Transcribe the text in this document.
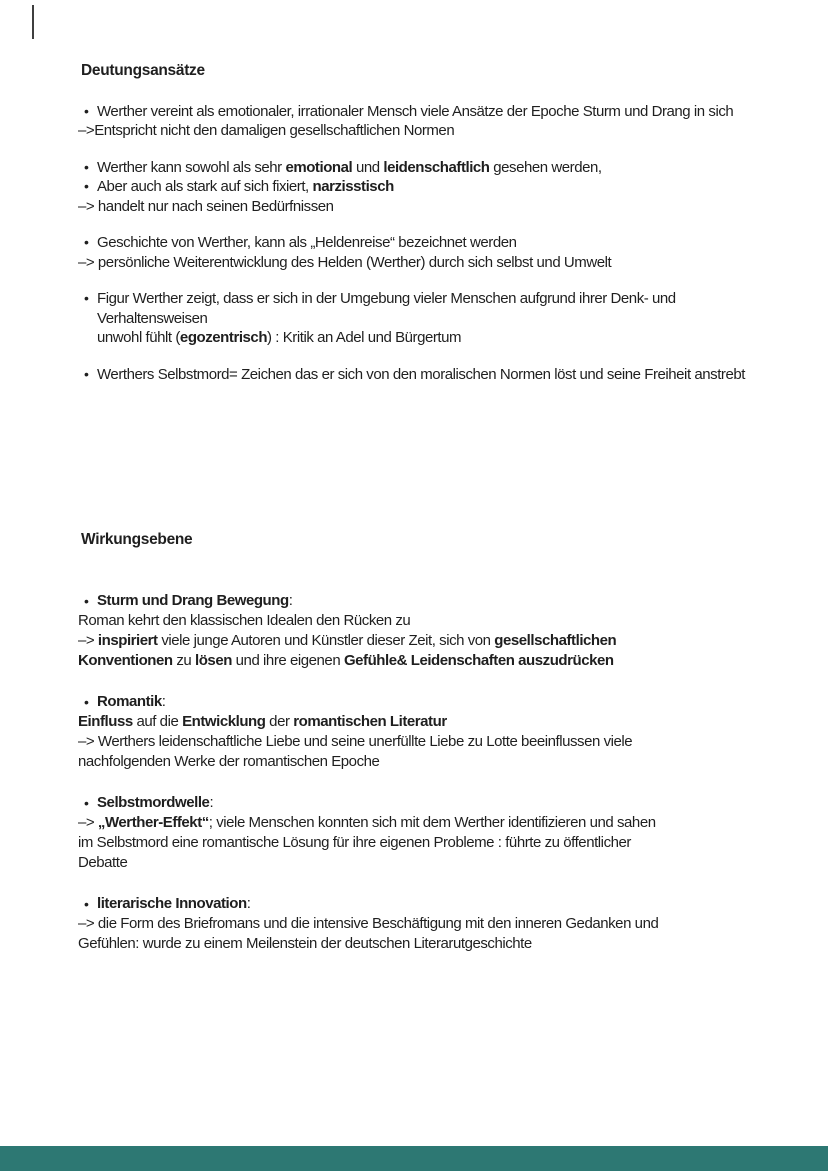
Deutungsansätze
• Werther vereint als emotionaler, irrationaler Mensch viele Ansätze der Epoche Sturm und Drang in sich
–>Entspricht nicht den damaligen gesellschaftlichen Normen
• Werther kann sowohl als sehr emotional und leidenschaftlich gesehen werden,
• Aber auch als stark auf sich fixiert, narzisstisch
–> handelt nur nach seinen Bedürfnissen
• Geschichte von Werther, kann als „Heldenreise“ bezeichnet werden
–> persönliche Weiterentwicklung des Helden (Werther) durch sich selbst und Umwelt
• Figur Werther zeigt, dass er sich in der Umgebung vieler Menschen aufgrund ihrer Denk- und Verhaltensweisen
unwohl fühlt (egozentrisch) : Kritik an Adel und Bürgertum
• Werthers Selbstmord= Zeichen das er sich von den moralischen Normen löst und seine Freiheit anstrebt
Wirkungsebene
• Sturm und Drang Bewegung:
Roman kehrt den klassischen Idealen den Rücken zu
–> inspiriert viele junge Autoren und Künstler dieser Zeit, sich von gesellschaftlichen
Konventionen zu lösen und ihre eigenen Gefühle& Leidenschaften auszudrücken
• Romantik:
Einfluss auf die Entwicklung der romantischen Literatur
–> Werthers leidenschaftliche Liebe und seine unerfüllte Liebe zu Lotte beeinflussen viele
nachfolgenden Werke der romantischen Epoche
• Selbstmordwelle:
–> „Werther-Effekt“; viele Menschen konnten sich mit dem Werther identifizieren und sahen
im Selbstmord eine romantische Lösung für ihre eigenen Probleme : führte zu öffentlicher
Debatte
• literarische Innovation:
–> die Form des Briefromans und die intensive Beschäftigung mit den inneren Gedanken und
Gefühlen: wurde zu einem Meilenstein der deutschen Literarutgeschichte
